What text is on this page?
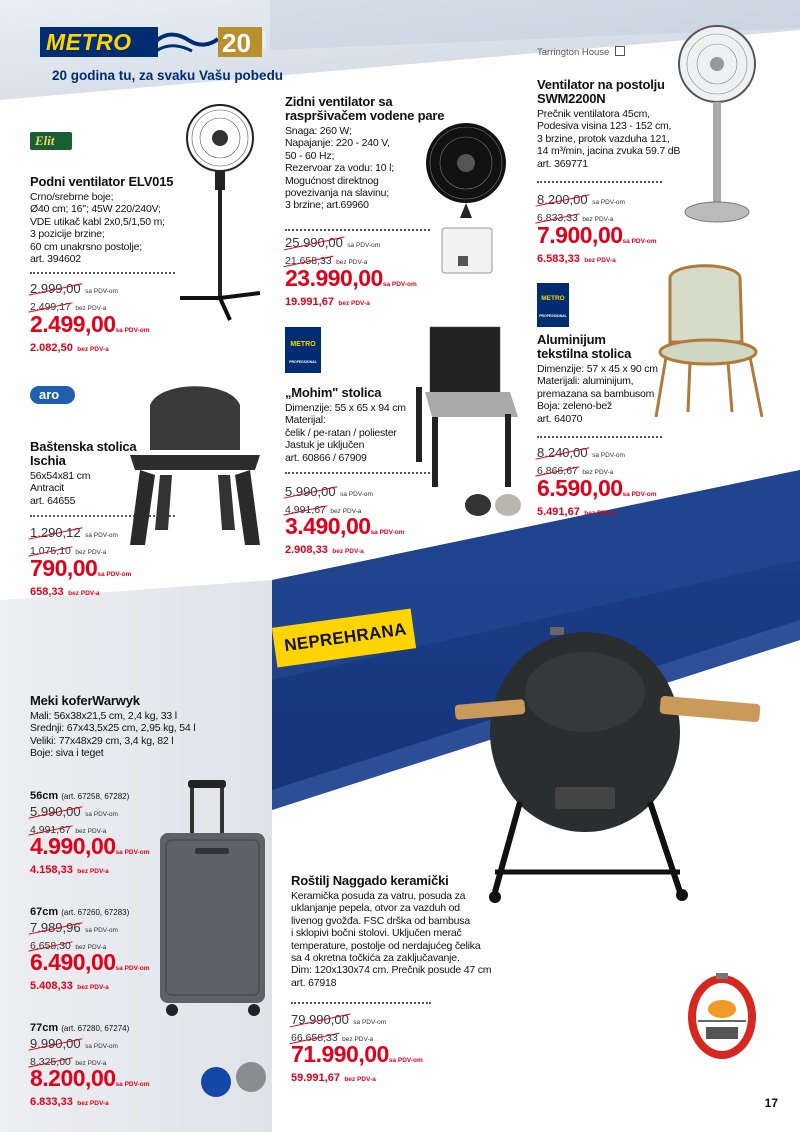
METRO	20 GODINA
20 godina tu, za svaku Vašu pobedu
Tarrington House
Elit
Podni ventilator ELV015
Crno/srebrne boje;
Ø40 cm; 16''; 45W 220/240V;
VDE utikač kabl 2x0,5/1,50 m;
3 pozicije brzine;
60 cm unakrsno postolje;
art. 394602
2.999,00 sa PDV-om
2.499,17 bez PDV-a
2.499,00sa PDV-om
2.082,50 bez PDV-a
Zidni ventilator sa
raspršivačem vodene pare
Snaga: 260 W;
Napajanje: 220 - 240 V,
50 - 60 Hz;
Rezervoar za vodu: 10 l;
Mogućnost direktnog
povezivanja na slavinu;
3 brzine; art.69960
25.990,00 sa PDV-om
21.658,33 bez PDV-a
23.990,00sa PDV-om
19.991,67 bez PDV-a
Ventilator na postolju
SWM2200N
Prečnik ventilatora 45cm,
Podesiva visina 123 - 152 cm,
3 brzine, protok vazduha 121,
14 m³/min, jacina zvuka 59.7 dB
art. 369771
8.200,00 sa PDV-om
6.833,33 bez PDV-a
7.900,00sa PDV-om
6.583,33 bez PDV-a
aro
Baštenska stolica
Ischia
56x54x81 cm
Antracit
art. 64655
1.290,12 sa PDV-om
1.075,10 bez PDV-a
790,00sa PDV-om
658,33 bez PDV-a
METRO
PROFESSIONAL
„Mohim" stolica
Dimenzije: 55 x 65 x 94 cm
Materijal:
čelik / pe-ratan / poliester
Jastuk je uključen
art. 60866 / 67909
5.990,00 sa PDV-om
4.991,67 bez PDV-a
3.490,00sa PDV-om
2.908,33 bez PDV-a
METRO
PROFESSIONAL
Aluminijum
tekstilna stolica
Dimenzije: 57 x 45 x 90 cm
Materijali: aluminijum,
premazana sa bambusom
Boja: zeleno-bež
art. 64070
8.240,00 sa PDV-om
6.866,67 bez PDV-a
6.590,00sa PDV-om
5.491,67 bez PDV-a
NEPREHRANA
Meki koferWarwyk
Mali: 56x38x21,5 cm, 2,4 kg, 33 l
Srednji: 67x43,5x25 cm, 2,95 kg, 54 l
Veliki: 77x48x29 cm, 3,4 kg, 82 l
Boje: siva i teget
56cm (art. 67258, 67282)
5.990,00 sa PDV-om
4.991,67 bez PDV-a
4.990,00sa PDV-om
4.158,33 bez PDV-a
67cm (art. 67260, 67283)
7.989,96 sa PDV-om
6.658,30 bez PDV-a
6.490,00sa PDV-om
5.408,33 bez PDV-a
77cm (art. 67280, 67274)
9.990,00 sa PDV-om
8.325,00 bez PDV-a
8.200,00sa PDV-om
6.833,33 bez PDV-a
Roštilj Naggado keramički
Keramička posuda za vatru, posuda za
uklanjanje pepela, otvor za vazduh od
livenog gvožđa. FSC drška od bambusa
i sklopivi bočni stolovi. Uključen merač
temperature, postolje od nerdajućeg čelika
sa 4 okretna točkića za zaključavanje.
Dim: 120x130x74 cm. Prečnik posude 47 cm
art. 67918
79.990,00 sa PDV-om
66.658,33 bez PDV-a
71.990,00sa PDV-om
59.991,67 bez PDV-a
17
